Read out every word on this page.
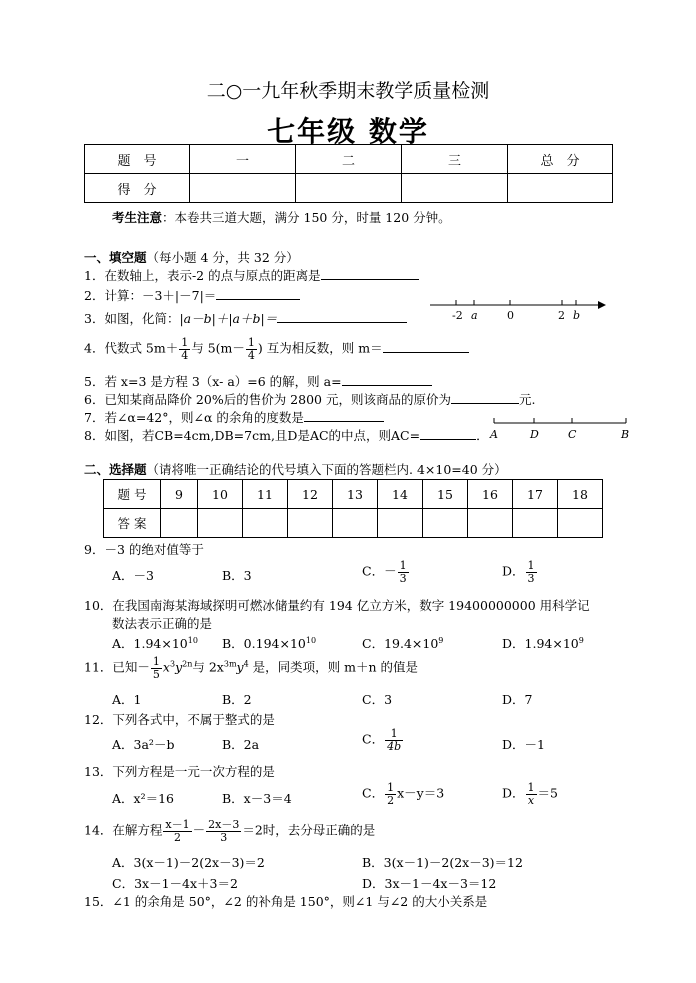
二○一九年秋季期末教学质量检测
七年级 数学
题　号	一	二	三	总　分
得　分				
考生注意：本卷共三道大题，满分 150 分，时量 120 分钟。
一、填空题（每小题 4 分，共 32 分）
1．在数轴上，表示-2 的点与原点的距离是
2．计算：－3＋|－7|＝
3．如图，化简：|a－b|＋|a＋b|＝	-2 a	0	2 b
4．代数式 $5m+ \frac{1}{4}$ 与 $5(m- \frac{1}{4}$ ) 互为相反数，则 m＝
5．若 x=3 是方程 3（x- a）=6 的解，则 a=
6．已知某商品降价 20%后的售价为 2800 元，则该商品的原价为	元.
7．若∠α=42°，则∠α 的余角的度数是
8．如图，若CB=4cm,DB=7cm,且D是AC的中点，则AC=	． A	D	C	B
二、选择题（请将唯一正确结论的代号填入下面的答题栏内. 4×10=40 分）
题 号	9	10	11	12	13	14	15	16	17	18
答 案										
9．－3 的绝对值等于
A．－3	B．3	C．－ $\frac{1}{3}$	D． $\frac{1}{3}$
10．在我国南海某海域探明可燃冰储量约有 194 亿立方米，数字 19400000000 用科学记
数法表示正确的是
A．$1.94\times 10^{10}$ B．$0.194\times 10^{10}$	C．$19.4\times 10^9$	D．$1.94\times 10^9$
11．已知－ $\frac{1}{5} x^3y^{2n}$与 $2x^{3m}y^4$ 是，同类项，则 m＋n 的值是
A．1	B．2	C．3	D．7
12．下列各式中，不属于整式的是
A．3a²－b	B．2a	C． $\frac{1}{4b}$	D．－1
13．下列方程是一元一次方程的是
A．x²＝16	B．x－3＝4	C． $\frac{1}{2} x-y=3$	D． $\frac{1}{x} =5$
14．在解方程 $\frac{x-1}{2} - \frac{2x-3}{3} =2$时，去分母正确的是
A．3(x－1)－2(2x－3)＝2	B．3(x－1)－2(2x－3)＝12
C．3x－1－4x＋3＝2	D．3x－1－4x－3＝12
15．∠1 的余角是 50°，∠2 的补角是 150°，则∠1 与∠2 的大小关系是
